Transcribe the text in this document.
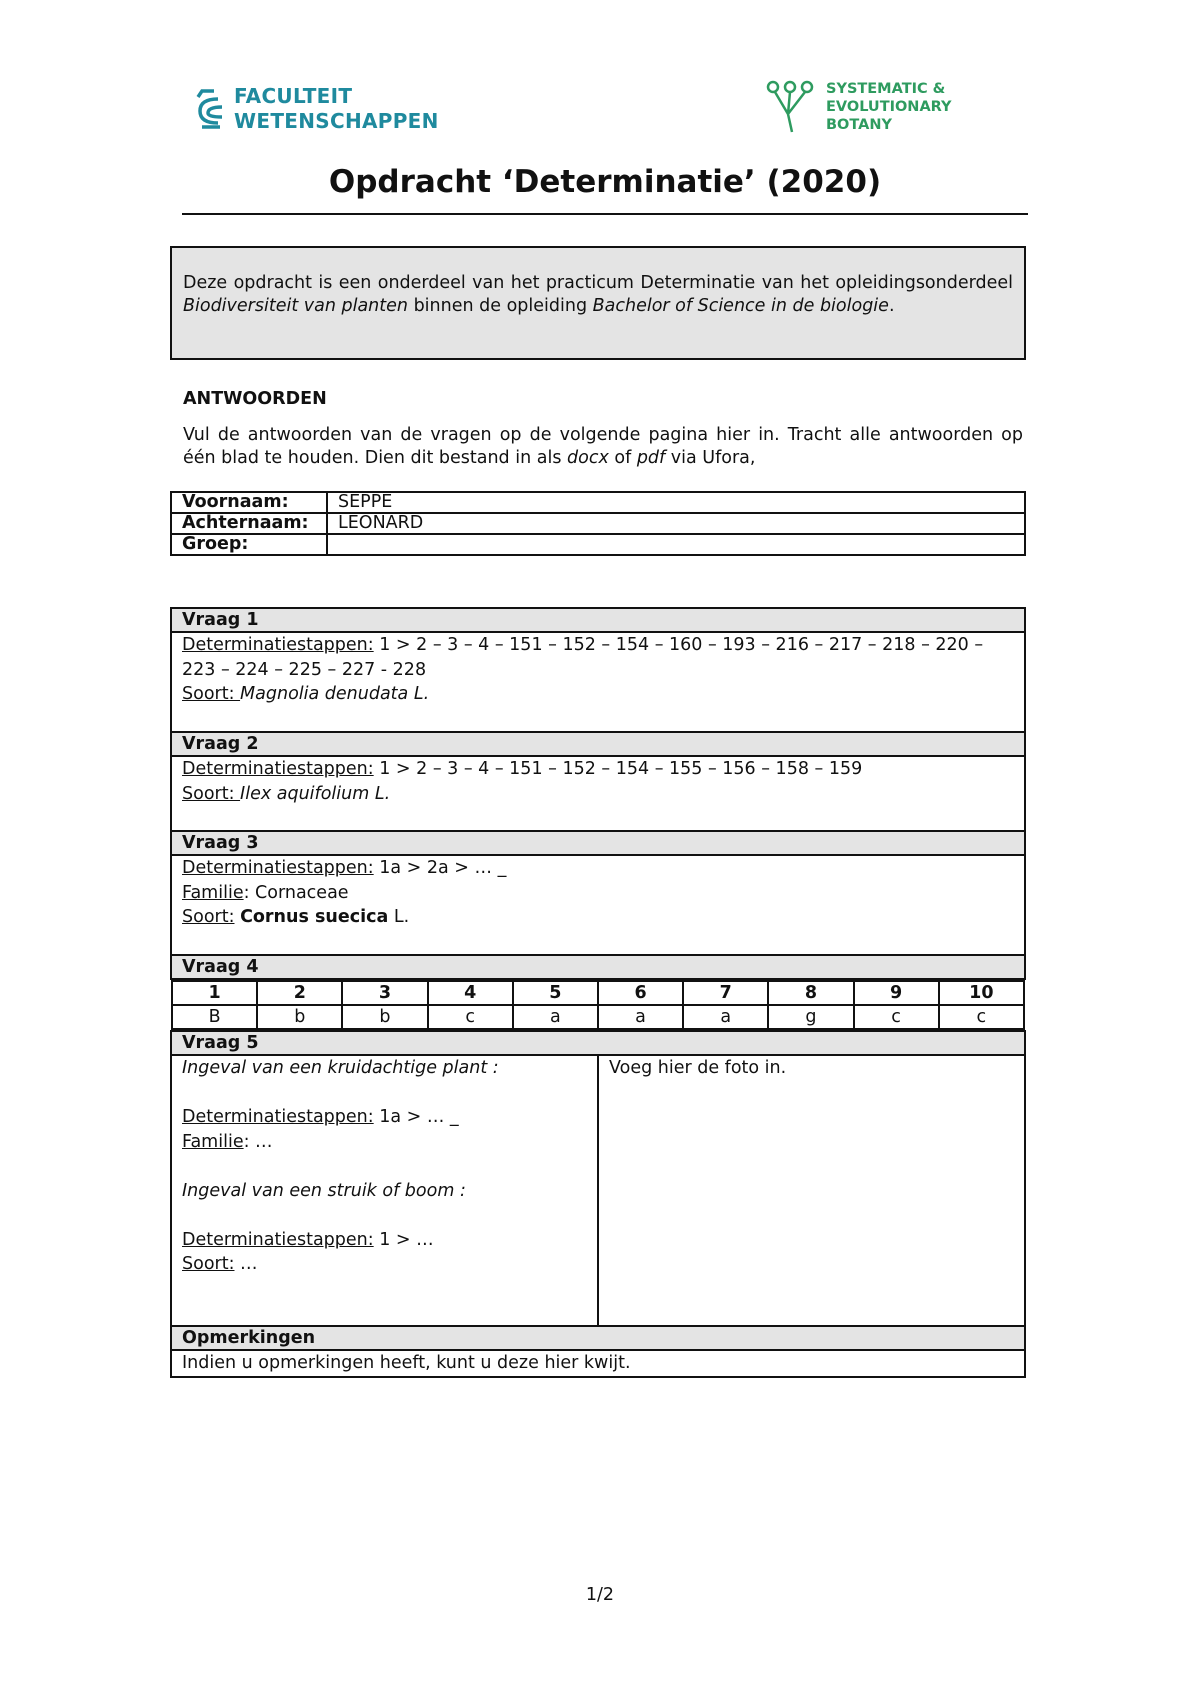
FACULTEIT
WETENSCHAPPEN
SYSTEMATIC &
EVOLUTIONARY
BOTANY
Opdracht ‘Determinatie’ (2020)
Deze opdracht is een onderdeel van het practicum Determinatie van het opleidingsonderdeel Biodiversiteit van planten binnen de opleiding Bachelor of Science in de biologie.
ANTWOORDEN
Vul de antwoorden van de vragen op de volgende pagina hier in. Tracht alle antwoorden op één blad te houden. Dien dit bestand in als docx of pdf via Ufora,
Voornaam:	SEPPE
Achternaam:	LEONARD
Groep:	
Vraag 1
Determinatiestappen: 1 > 2 – 3 – 4 – 151 – 152 – 154 – 160 – 193 – 216 – 217 – 218 – 220 – 223 – 224 – 225 – 227 - 228
Soort: Magnolia denudata L.
Vraag 2
Determinatiestappen: 1 > 2 – 3 – 4 – 151 – 152 – 154 – 155 – 156 – 158 – 159
Soort: Ilex aquifolium L.
Vraag 3
Determinatiestappen: 1a > 2a > … _
Familie: Cornaceae
Soort: Cornus suecica L.
Vraag 4

1	2	3	4	5	6	7	8	9	10
B	b	b	c	a	a	a	g	c	c

Vraag 5
Ingeval van een kruidachtige plant :

Determinatiestappen: 1a > … _
Familie: …

Ingeval van een struik of boom :

Determinatiestappen: 1 > …
Soort: …	Voeg hier de foto in.
Opmerkingen
Indien u opmerkingen heeft, kunt u deze hier kwijt.
1/2
